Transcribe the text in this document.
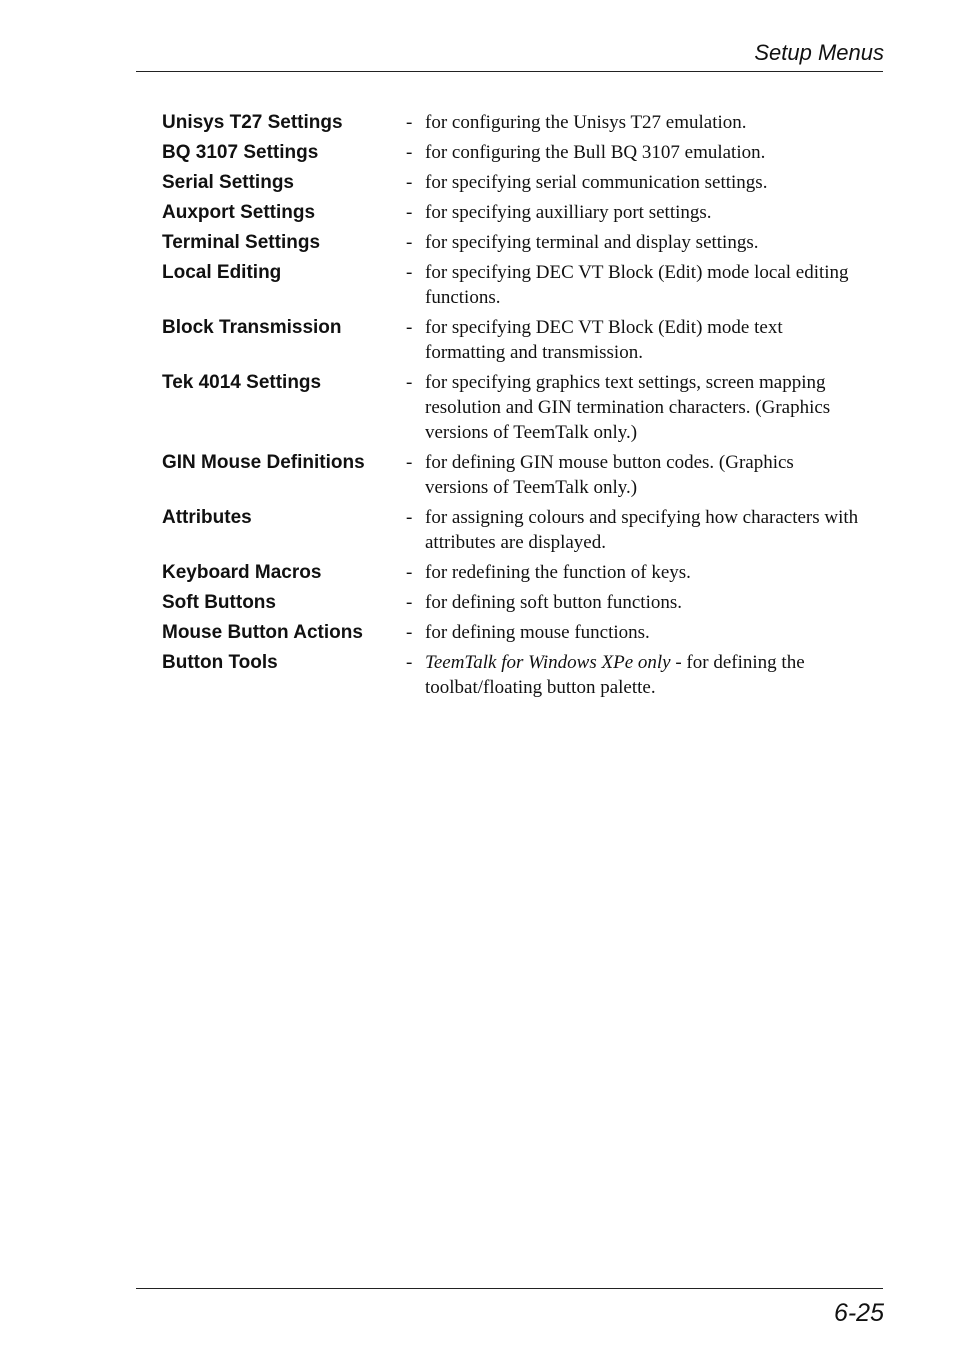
Setup Menus
Unisys T27 Settings	- for configuring the Unisys T27 emulation.
BQ 3107 Settings	- for configuring the Bull BQ 3107 emulation.
Serial Settings	- for specifying serial communication settings.
Auxport Settings	- for specifying auxilliary port settings.
Terminal Settings	- for specifying terminal and display settings.
Local Editing	- for specifying DEC VT Block (Edit) mode local editing functions.
Block Transmission	- for specifying DEC VT Block (Edit) mode text formatting and transmission.
Tek 4014 Settings	- for specifying graphics text settings, screen mapping resolution and GIN termination characters. (Graphics versions of TeemTalk only.)
GIN Mouse Definitions	- for defining GIN mouse button codes. (Graphics versions of TeemTalk only.)
Attributes	- for assigning colours and specifying how characters with attributes are displayed.
Keyboard Macros	- for redefining the function of keys.
Soft Buttons	- for defining soft button functions.
Mouse Button Actions	- for defining mouse functions.
Button Tools	- TeemTalk for Windows XPe only - for defining the toolbat/floating button palette.
6-25
